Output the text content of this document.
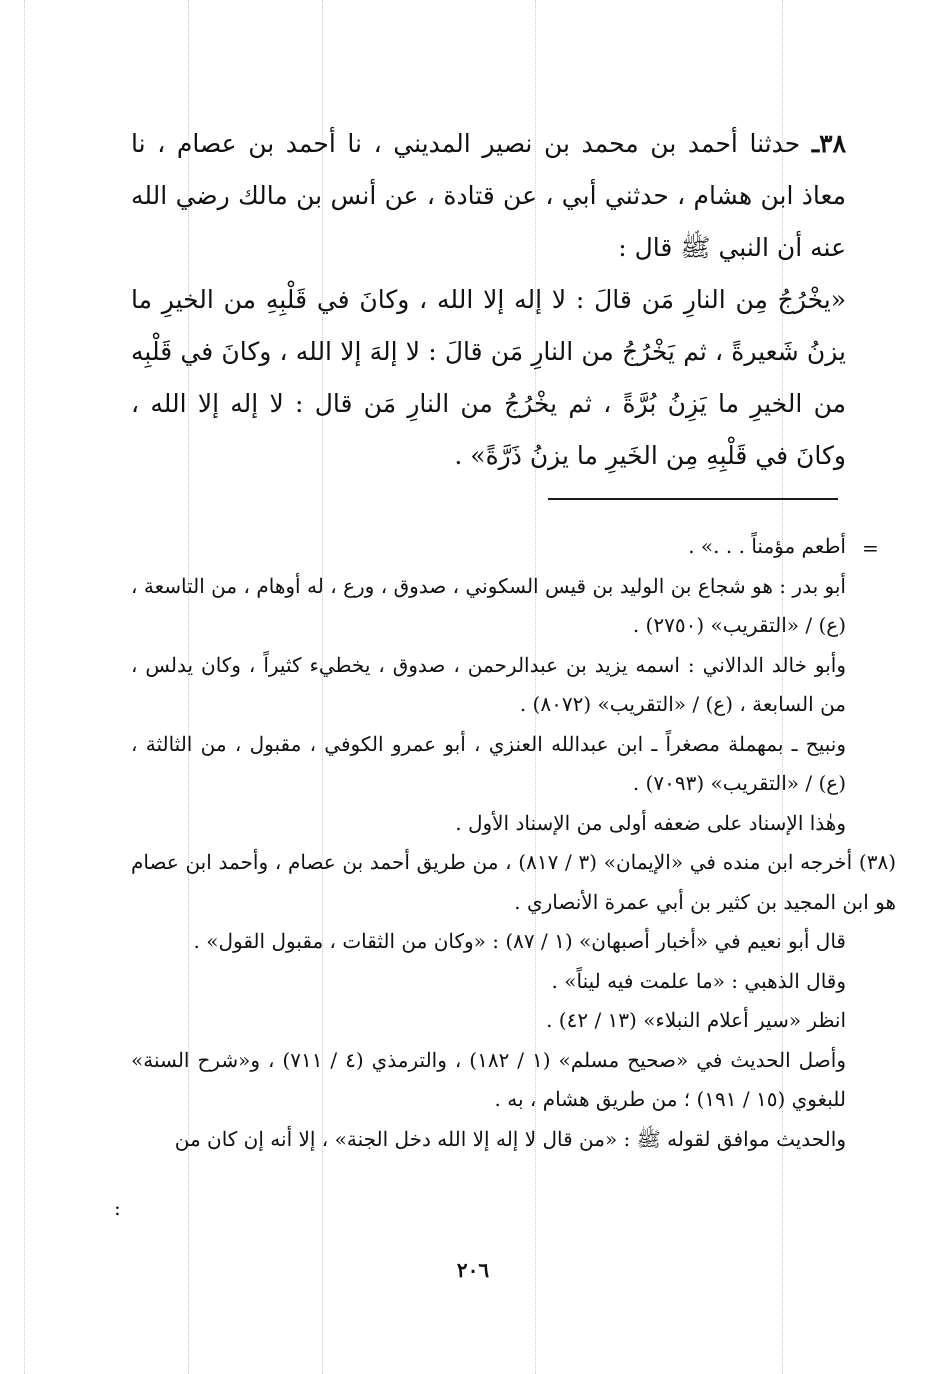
٣٨ـ حدثنا أحمد بن محمد بن نصير المديني ، نا أحمد بن عصام ، نا معاذ ابن هشام ، حدثني أبي ، عن قتادة ، عن أنس بن مالك رضي الله عنه أن النبي ﷺ قال :

«يخْرُجُ مِن النارِ مَن قالَ : لا إله إلا الله ، وكانَ في قَلْبِهِ من الخيرِ ما يزنُ شَعيرةً ، ثم يَخْرُجُ من النارِ مَن قالَ : لا إلهَ إلا الله ، وكانَ في قَلْبِه من الخيرِ ما يَزِنُ بُرَّةً ، ثم يخْرُجُ من النارِ مَن قال : لا إله إلا الله ، وكانَ في قَلْبِهِ مِن الخَيرِ ما يزنُ ذَرَّةً» .

=

أطعم مؤمناً . . .» .

أبو بدر : هو شجاع بن الوليد بن قيس السكوني ، صدوق ، ورع ، له أوهام ، من التاسعة ، (ع) / «التقريب» (٢٧٥٠) .

وأبو خالد الدالاني : اسمه يزيد بن عبدالرحمن ، صدوق ، يخطيء كثيراً ، وكان يدلس ، من السابعة ، (ع) / «التقريب» (٨٠٧٢) .

ونبيح ـ بمهملة مصغراً ـ ابن عبدالله العنزي ، أبو عمرو الكوفي ، مقبول ، من الثالثة ، (ع) / «التقريب» (٧٠٩٣) .

وهٰذا الإسناد على ضعفه أولى من الإسناد الأول .

(٣٨) أخرجه ابن منده في «الإيمان» (٣ / ٨١٧) ، من طريق أحمد بن عصام ، وأحمد ابن عصام هو ابن المجيد بن كثير بن أبي عمرة الأنصاري .

قال أبو نعيم في «أخبار أصبهان» (١ / ٨٧) : «وكان من الثقات ، مقبول القول» .

وقال الذهبي : «ما علمت فيه ليناً» .

انظر «سير أعلام النبلاء» (١٣ / ٤٢) .

وأصل الحديث في «صحيح مسلم» (١ / ١٨٢) ، والترمذي (٤ / ٧١١) ، و«شرح السنة» للبغوي (١٥ / ١٩١) ؛ من طريق هشام ، به .

والحديث موافق لقوله ﷺ : «من قال لا إله إلا الله دخل الجنة» ، إلا أنه إن كان من

:
٢٠٦
